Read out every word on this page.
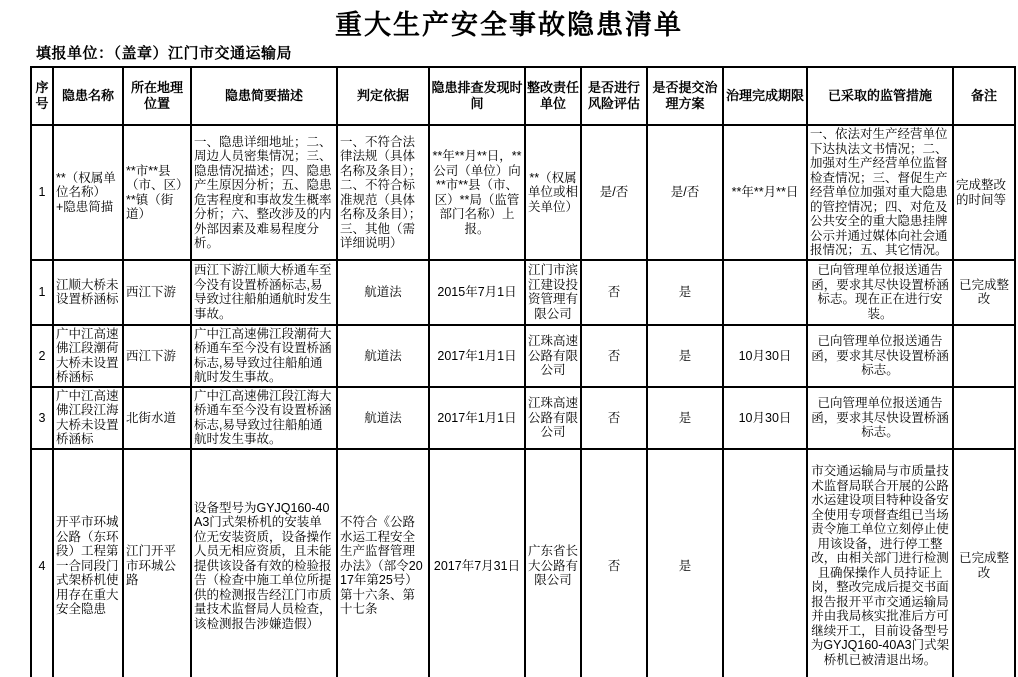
重大生产安全事故隐患清单
填报单位：（盖章）江门市交通运输局
序号	隐患名称	所在地理位置	隐患简要描述	判定依据	隐患排查发现时间	整改责任单位	是否进行风险评估	是否提交治理方案	治理完成期限	已采取的监管措施	备注
1	**（权属单位名称）+隐患简描	**市**县（市、区）**镇（街道）	一、隐患详细地址；二、周边人员密集情况；三、隐患情况描述；四、隐患产生原因分析；五、隐患危害程度和事故发生概率分析；六、整改涉及的内外部因素及难易程度分析。	一、不符合法律法规（具体名称及条目）；二、不符合标准规范（具体名称及条目）；三、其他（需详细说明）	**年**月**日，**公司（单位）向**市**县（市、区）**局（监管部门名称）上报。	**（权属单位或相关单位）	是/否	是/否	**年**月**日	一、依法对生产经营单位下达执法文书情况；二、加强对生产经营单位监督检查情况；三、督促生产经营单位加强对重大隐患的管控情况；四、对危及公共安全的重大隐患挂牌公示并通过媒体向社会通报情况；五、其它情况。	完成整改的时间等
1	江顺大桥未设置桥涵标	西江下游	西江下游江顺大桥通车至今没有设置桥涵标志,易导致过往船舶通航时发生事故。	航道法	2015年7月1日	江门市滨江建设投资管理有限公司	否	是		已向管理单位报送通告函，要求其尽快设置桥涵标志。现在正在进行安装。	已完成整改
2	广中江高速佛江段潮荷大桥未设置桥涵标	西江下游	广中江高速佛江段潮荷大桥通车至今没有设置桥涵标志,易导致过往船舶通航时发生事故。	航道法	2017年1月1日	江珠高速公路有限公司	否	是	10月30日	已向管理单位报送通告函，要求其尽快设置桥涵标志。	
3	广中江高速佛江段江海大桥未设置桥涵标	北街水道	广中江高速佛江段江海大桥通车至今没有设置桥涵标志,易导致过往船舶通航时发生事故。	航道法	2017年1月1日	江珠高速公路有限公司	否	是	10月30日	已向管理单位报送通告函，要求其尽快设置桥涵标志。	
4	开平市环城公路（东环段）工程第一合同段门式架桥机使用存在重大安全隐患	江门开平市环城公路	设备型号为GYJQ160-40A3门式架桥机的安装单位无安装资质，设备操作人员无相应资质，且未能提供该设备有效的检验报告（检查中施工单位所提供的检测报告经江门市质量技术监督局人员检查，该检测报告涉嫌造假）	不符合《公路水运工程安全生产监督管理办法》（部令2017年第25号）第十六条、第十七条	2017年7月31日	广东省长大公路有限公司	否	是		市交通运输局与市质量技术监督局联合开展的公路水运建设项目特种设备安全使用专项督查组已当场责令施工单位立刻停止使用该设备，进行停工整改，由相关部门进行检测且确保操作人员持证上岗，整改完成后提交书面报告报开平市交通运输局并由我局核实批准后方可继续开工，目前设备型号为GYJQ160-40A3门式架桥机已被清退出场。	已完成整改
